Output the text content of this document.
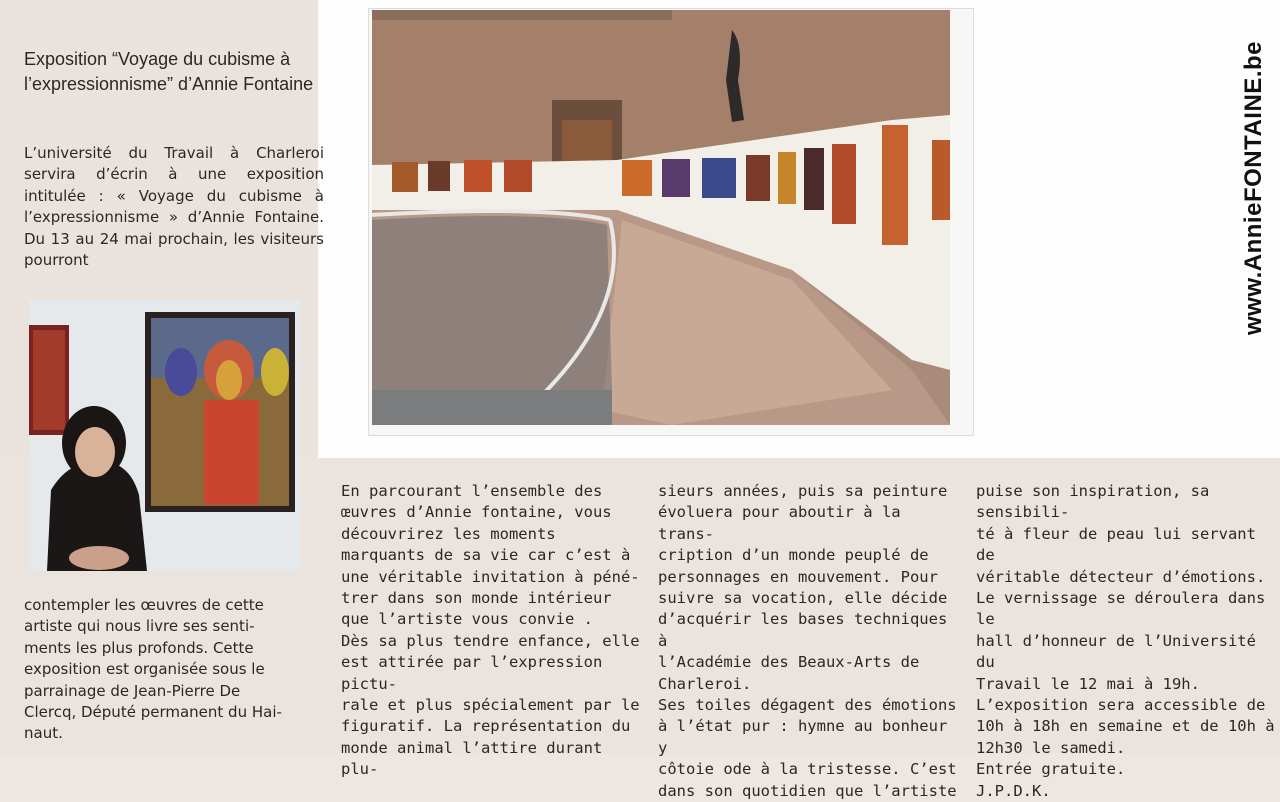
Exposition “Voyage du cubisme à l’expressionnisme” d’Annie Fontaine

L’université du Travail à Charleroi servira d’écrin à une exposition intitulée : « Voyage du cubisme à l’expressionnisme » d’Annie Fontaine. Du 13 au 24 mai prochain, les visiteurs pourront

contempler les œuvres de cette
artiste qui nous livre ses senti-
ments les plus profonds. Cette
exposition est organisée sous le
parrainage de Jean-Pierre De
Clercq, Député permanent du Hai-
naut.
En parcourant l’ensemble des
œuvres d’Annie fontaine, vous
découvrirez les moments
marquants de sa vie car c’est à
une véritable invitation à péné-
trer dans son monde intérieur
que l’artiste vous convie .
Dès sa plus tendre enfance, elle
est attirée par l’expression pictu-
rale et plus spécialement par le
figuratif. La représentation du
monde animal l’attire durant plu-
sieurs années, puis sa peinture
évoluera pour aboutir à la trans-
cription d’un monde peuplé de
personnages en mouvement. Pour
suivre sa vocation, elle décide
d’acquérir les bases techniques à
l’Académie des Beaux-Arts de
Charleroi.
Ses toiles dégagent des émotions
à l’état pur : hymne au bonheur y
côtoie ode à la tristesse. C’est
dans son quotidien que l’artiste
puise son inspiration, sa sensibili-
té à fleur de peau lui servant de
véritable détecteur d’émotions.
Le vernissage se déroulera dans le
hall d’honneur de l’Université du
Travail le 12 mai à 19h.
L’exposition sera accessible de
10h à 18h en semaine et de 10h à
12h30 le samedi.
Entrée gratuite.
J.P.D.K.
www.AnnieFONTAINE.be
